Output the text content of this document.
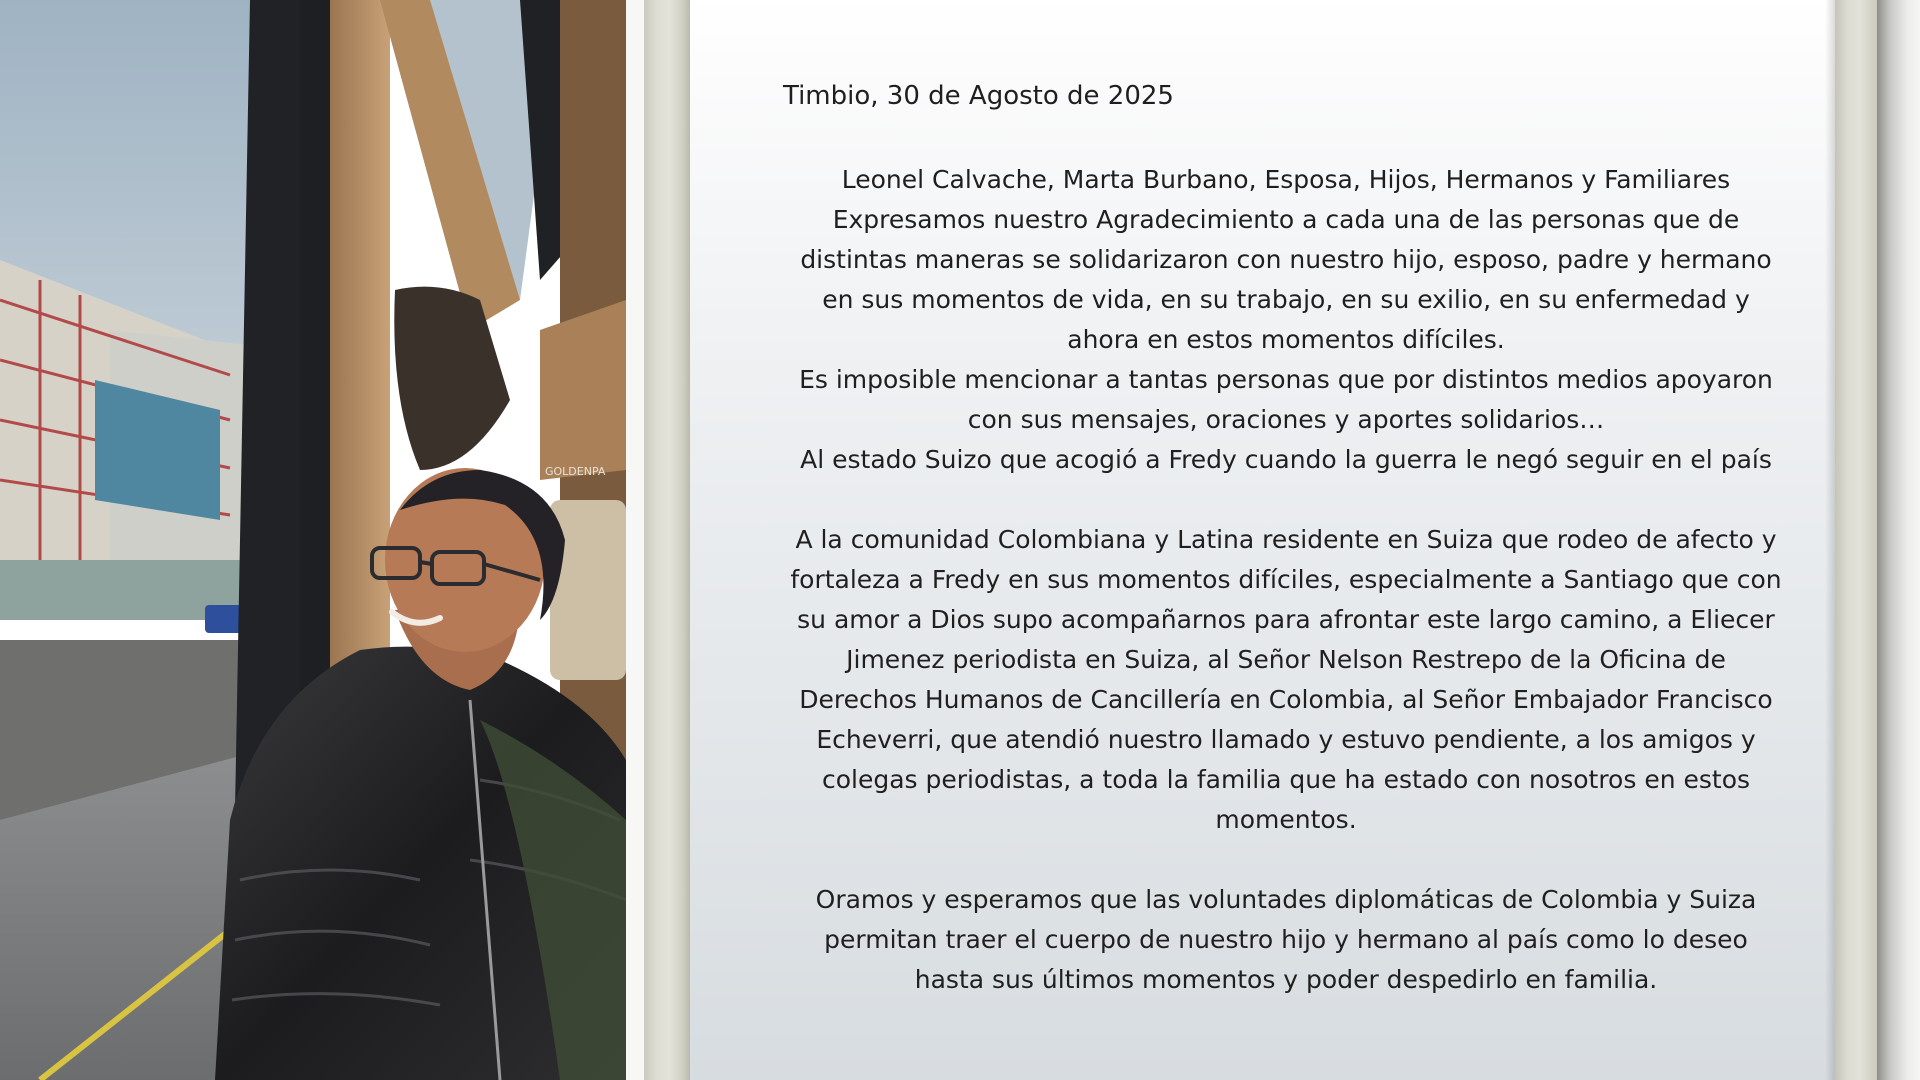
GOLDENPA

Timbio, 30 de Agosto de 2025

Leonel Calvache, Marta Burbano, Esposa, Hijos, Hermanos y Familiares

Expresamos nuestro Agradecimiento a cada una de las personas que de distintas maneras se solidarizaron con nuestro hijo, esposo, padre y hermano en sus momentos de vida, en su trabajo, en su exilio, en su enfermedad y ahora en estos momentos difíciles.

Es imposible mencionar a tantas personas que por distintos medios apoyaron con sus mensajes, oraciones y aportes solidarios…

Al estado Suizo que acogió a Fredy cuando la guerra le negó seguir en el país

A la comunidad Colombiana y Latina residente en Suiza que rodeo de afecto y fortaleza a Fredy en sus momentos difíciles, especialmente a Santiago que con su amor a Dios supo acompañarnos para afrontar este largo camino, a Eliecer Jimenez periodista en Suiza, al Señor Nelson Restrepo de la Oficina de Derechos Humanos de Cancillería en Colombia, al Señor Embajador Francisco Echeverri, que atendió nuestro llamado y estuvo pendiente, a los amigos y colegas periodistas, a toda la familia que ha estado con nosotros en estos momentos.

Oramos y esperamos que las voluntades diplomáticas de Colombia y Suiza permitan traer el cuerpo de nuestro hijo y hermano al país como lo deseo hasta sus últimos momentos y poder despedirlo en familia.
